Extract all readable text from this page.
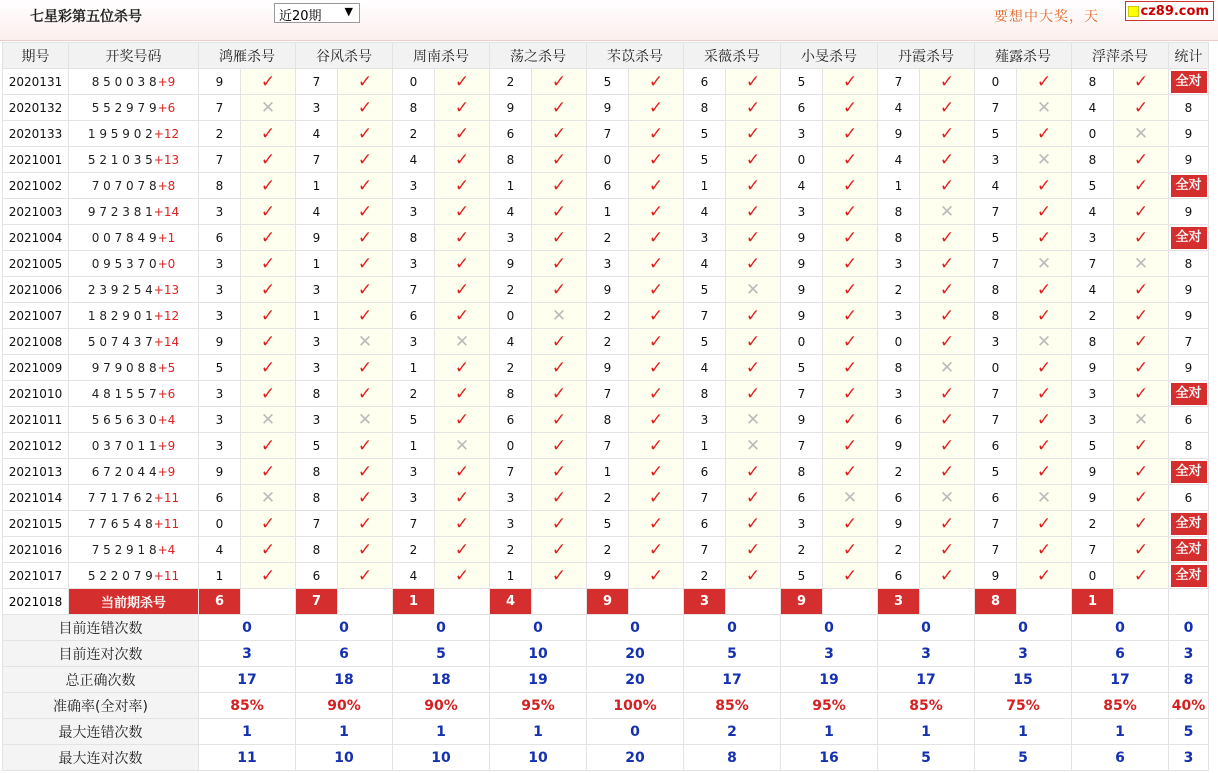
七星彩第五位杀号	近20期 ▼	要想中大奖，天	cz89.com
期号	开奖号码	鸿雁杀号		谷风杀号		周南杀号		荡之杀号		芣苡杀号		采薇杀号		小旻杀号		丹霞杀号		薤露杀号		浮萍杀号		统计
2020131	8 5 0 0 3 8+9	9	✓	7	✓	0	✓	2	✓	5	✓	6	✓	5	✓	7	✓	0	✓	8	✓	全对
2020132	5 5 2 9 7 9+6	7	✕	3	✓	8	✓	9	✓	9	✓	8	✓	6	✓	4	✓	7	✕	4	✓	8
2020133	1 9 5 9 0 2+12	2	✓	4	✓	2	✓	6	✓	7	✓	5	✓	3	✓	9	✓	5	✓	0	✕	9
2021001	5 2 1 0 3 5+13	7	✓	7	✓	4	✓	8	✓	0	✓	5	✓	0	✓	4	✓	3	✕	8	✓	9
2021002	7 0 7 0 7 8+8	8	✓	1	✓	3	✓	1	✓	6	✓	1	✓	4	✓	1	✓	4	✓	5	✓	全对
2021003	9 7 2 3 8 1+14	3	✓	4	✓	3	✓	4	✓	1	✓	4	✓	3	✓	8	✕	7	✓	4	✓	9
2021004	0 0 7 8 4 9+1	6	✓	9	✓	8	✓	3	✓	2	✓	3	✓	9	✓	8	✓	5	✓	3	✓	全对
2021005	0 9 5 3 7 0+0	3	✓	1	✓	3	✓	9	✓	3	✓	4	✓	9	✓	3	✓	7	✕	7	✕	8
2021006	2 3 9 2 5 4+13	3	✓	3	✓	7	✓	2	✓	9	✓	5	✕	9	✓	2	✓	8	✓	4	✓	9
2021007	1 8 2 9 0 1+12	3	✓	1	✓	6	✓	0	✕	2	✓	7	✓	9	✓	3	✓	8	✓	2	✓	9
2021008	5 0 7 4 3 7+14	9	✓	3	✕	3	✕	4	✓	2	✓	5	✓	0	✓	0	✓	3	✕	8	✓	7
2021009	9 7 9 0 8 8+5	5	✓	3	✓	1	✓	2	✓	9	✓	4	✓	5	✓	8	✕	0	✓	9	✓	9
2021010	4 8 1 5 5 7+6	3	✓	8	✓	2	✓	8	✓	7	✓	8	✓	7	✓	3	✓	7	✓	3	✓	全对
2021011	5 6 5 6 3 0+4	3	✕	3	✕	5	✓	6	✓	8	✓	3	✕	9	✓	6	✓	7	✓	3	✕	6
2021012	0 3 7 0 1 1+9	3	✓	5	✓	1	✕	0	✓	7	✓	1	✕	7	✓	9	✓	6	✓	5	✓	8
2021013	6 7 2 0 4 4+9	9	✓	8	✓	3	✓	7	✓	1	✓	6	✓	8	✓	2	✓	5	✓	9	✓	全对
2021014	7 7 1 7 6 2+11	6	✕	8	✓	3	✓	3	✓	2	✓	7	✓	6	✕	6	✕	6	✕	9	✓	6
2021015	7 7 6 5 4 8+11	0	✓	7	✓	7	✓	3	✓	5	✓	6	✓	3	✓	9	✓	7	✓	2	✓	全对
2021016	7 5 2 9 1 8+4	4	✓	8	✓	2	✓	2	✓	2	✓	7	✓	2	✓	2	✓	7	✓	7	✓	全对
2021017	5 2 2 0 7 9+11	1	✓	6	✓	4	✓	1	✓	9	✓	2	✓	5	✓	6	✓	9	✓	0	✓	全对
2021018	当前期杀号	6		7		1		4		9		3		9		3		8		1		
目前连错次数		0		0		0		0		0		0		0		0		0		0		0
目前连对次数		3		6		5		10		20		5		3		3		3		6		3
总正确次数		17		18		18		19		20		17		19		17		15		17		8
准确率(全对率)		85%		90%		90%		95%		100%		85%		95%		85%		75%		85%		40%
最大连错次数		1		1		1		1		0		2		1		1		1		1		5
最大连对次数		11		10		10		10		20		8		16		5		5		6		3
